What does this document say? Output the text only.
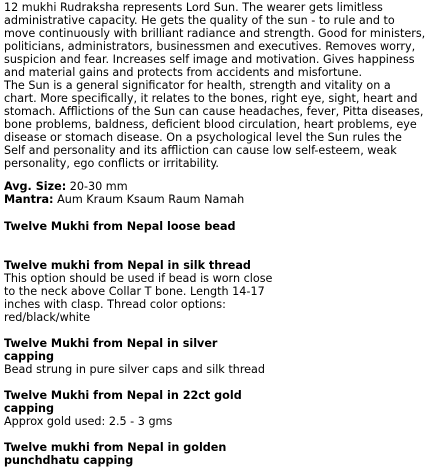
12 mukhi Rudraksha represents Lord Sun. The wearer gets limitless
administrative capacity. He gets the quality of the sun - to rule and to
move continuously with brilliant radiance and strength. Good for ministers,
politicians, administrators, businessmen and executives. Removes worry,
suspicion and fear. Increases self image and motivation. Gives happiness
and material gains and protects from accidents and misfortune.

The Sun is a general significator for health, strength and vitality on a
chart. More specifically, it relates to the bones, right eye, sight, heart and
stomach. Afflictions of the Sun can cause headaches, fever, Pitta diseases,
bone problems, baldness, deficient blood circulation, heart problems, eye
disease or stomach disease. On a psychological level the Sun rules the
Self and personality and its affliction can cause low self-esteem, weak
personality, ego conflicts or irritability.

Avg. Size: 20-30 mm
Mantra: Aum Kraum Ksaum Raum Namah
Twelve Mukhi from Nepal loose bead
Twelve mukhi from Nepal in silk thread
This option should be used if bead is worn close
to the neck above Collar T bone. Length 14-17
inches with clasp. Thread color options:
red/black/white
Twelve Mukhi from Nepal in silver
capping
Bead strung in pure silver caps and silk thread
Twelve Mukhi from Nepal in 22ct gold
capping
Approx gold used: 2.5 - 3 gms
Twelve mukhi from Nepal in golden
punchdhatu capping
